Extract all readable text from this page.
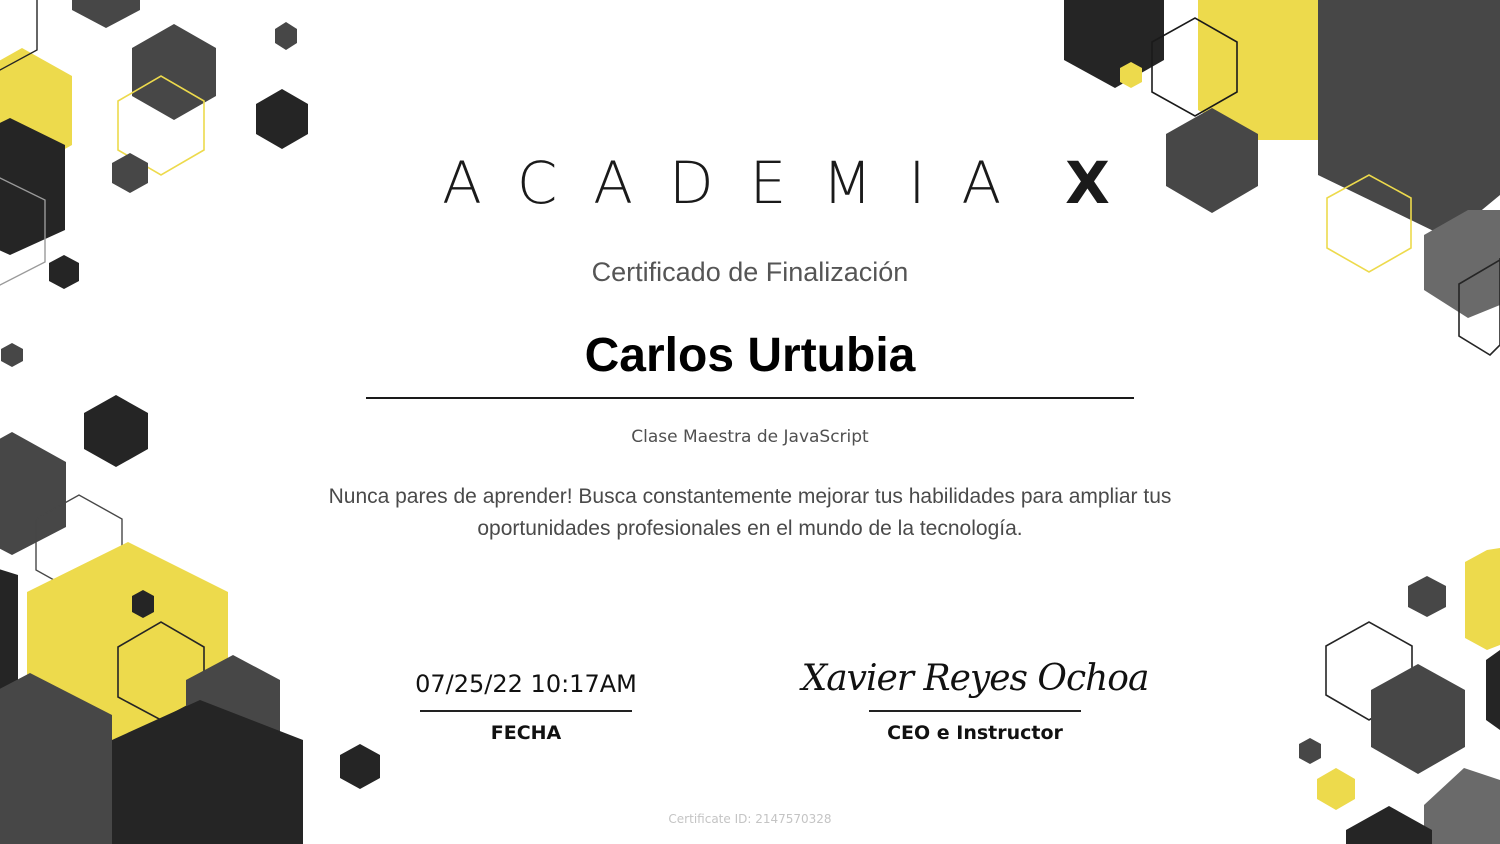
ACADEMIA X
Certificado de Finalización
Carlos Urtubia
Clase Maestra de JavaScript
Nunca pares de aprender! Busca constantemente mejorar tus habilidades para ampliar tus oportunidades profesionales en el mundo de la tecnología.
07/25/22 10:17AM
FECHA
Xavier Reyes Ochoa
CEO e Instructor
Certificate ID: 2147570328
